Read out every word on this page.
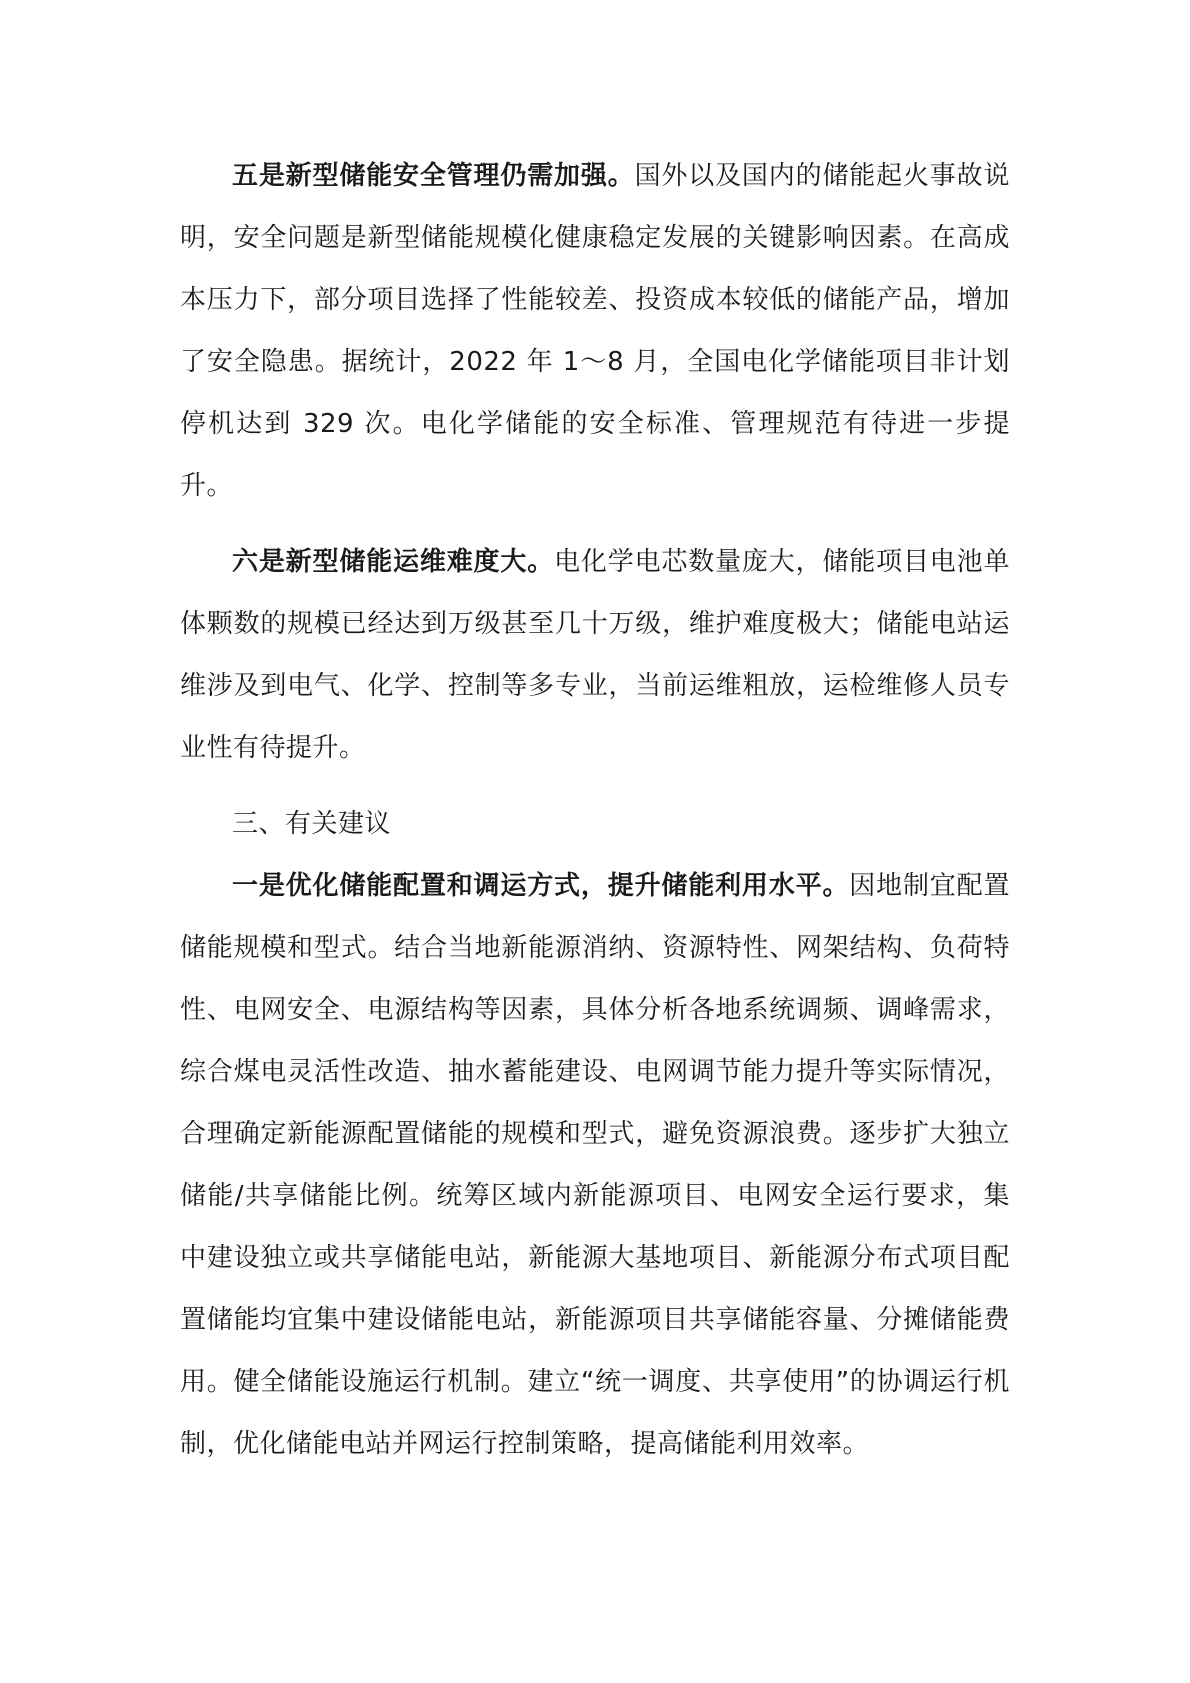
五是新型储能安全管理仍需加强。国外以及国内的储能起火事故说明，安全问题是新型储能规模化健康稳定发展的关键影响因素。在高成本压力下，部分项目选择了性能较差、投资成本较低的储能产品，增加了安全隐患。据统计，2022 年 1～8 月，全国电化学储能项目非计划停机达到 329 次。电化学储能的安全标准、管理规范有待进一步提升。

六是新型储能运维难度大。电化学电芯数量庞大，储能项目电池单体颗数的规模已经达到万级甚至几十万级，维护难度极大；储能电站运维涉及到电气、化学、控制等多专业，当前运维粗放，运检维修人员专业性有待提升。

三、有关建议

一是优化储能配置和调运方式，提升储能利用水平。因地制宜配置储能规模和型式。结合当地新能源消纳、资源特性、网架结构、负荷特性、电网安全、电源结构等因素，具体分析各地系统调频、调峰需求，综合煤电灵活性改造、抽水蓄能建设、电网调节能力提升等实际情况，合理确定新能源配置储能的规模和型式，避免资源浪费。逐步扩大独立储能/共享储能比例。统筹区域内新能源项目、电网安全运行要求，集中建设独立或共享储能电站，新能源大基地项目、新能源分布式项目配置储能均宜集中建设储能电站，新能源项目共享储能容量、分摊储能费用。健全储能设施运行机制。建立“统一调度、共享使用”的协调运行机制，优化储能电站并网运行控制策略，提高储能利用效率。
